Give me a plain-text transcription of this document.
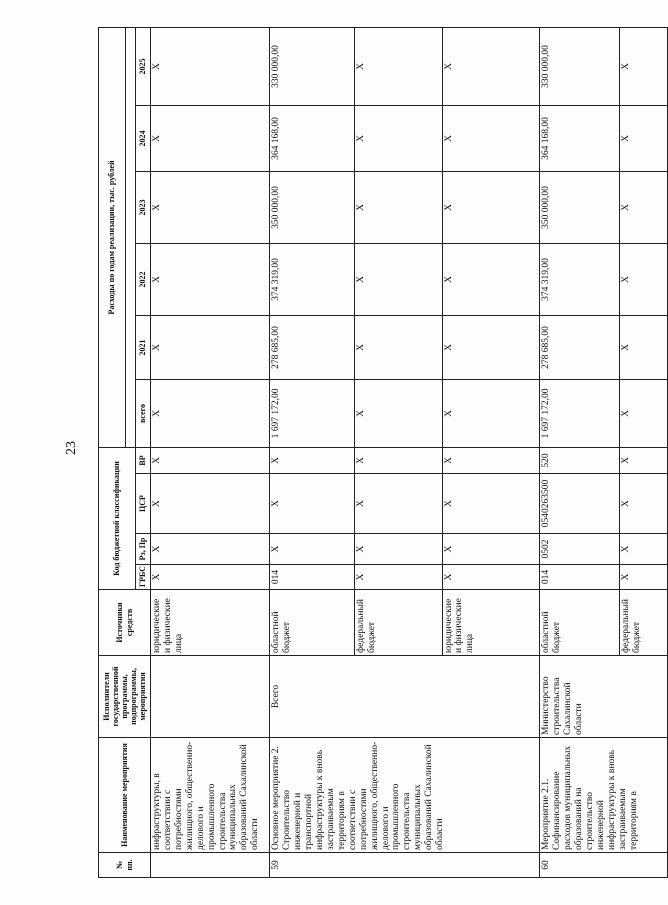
23
№ пп.	Наименование мероприятия	Исполнители государственной программы, подпрограммы, мероприятия	Источники средств	Код бюджетной классификации				Расходы по годам реализации, тыс. рублей					

				ГРБС	Рз, Пр	ЦСР	ВР	всего	2021	2022	2023	2024	2025
	инфраструктуры, в соответствии с потребностями жилищного, общественно-делового и промышленного строительства муниципальных образований Сахалинской области		юридические и физические лица	X	X	X	X	X	X	X	X	X	X
59	Основное мероприятие 2. Строительство инженерной и транспортной инфраструктуры к вновь застраиваемым территориям в соответствии с потребностями жилищного, общественно-делового и промышленного строительства муниципальных образований Сахалинской области	Всего	областной бюджет	014	X	X	X	1 697 172,00	278 685,00	374 319,00	350 000,00	364 168,00	330 000,00
			федеральный бюджет	X	X	X	X	X	X	X	X	X	X
			юридические и физические лица	X	X	X	X	X	X	X	X	X	X
60	Мероприятие 2.1. Софинансирование расходов муниципальных образований на строительство инженерной инфраструктуры к вновь застраиваемым территориям в	Министерство строительства Сахалинской области	областной бюджет	014	0502	0540263500	520	1 697 172,00	278 685,00	374 319,00	350 000,00	364 168,00	330 000,00
			федеральный бюджет	X	X	X	X	X	X	X	X	X	X
